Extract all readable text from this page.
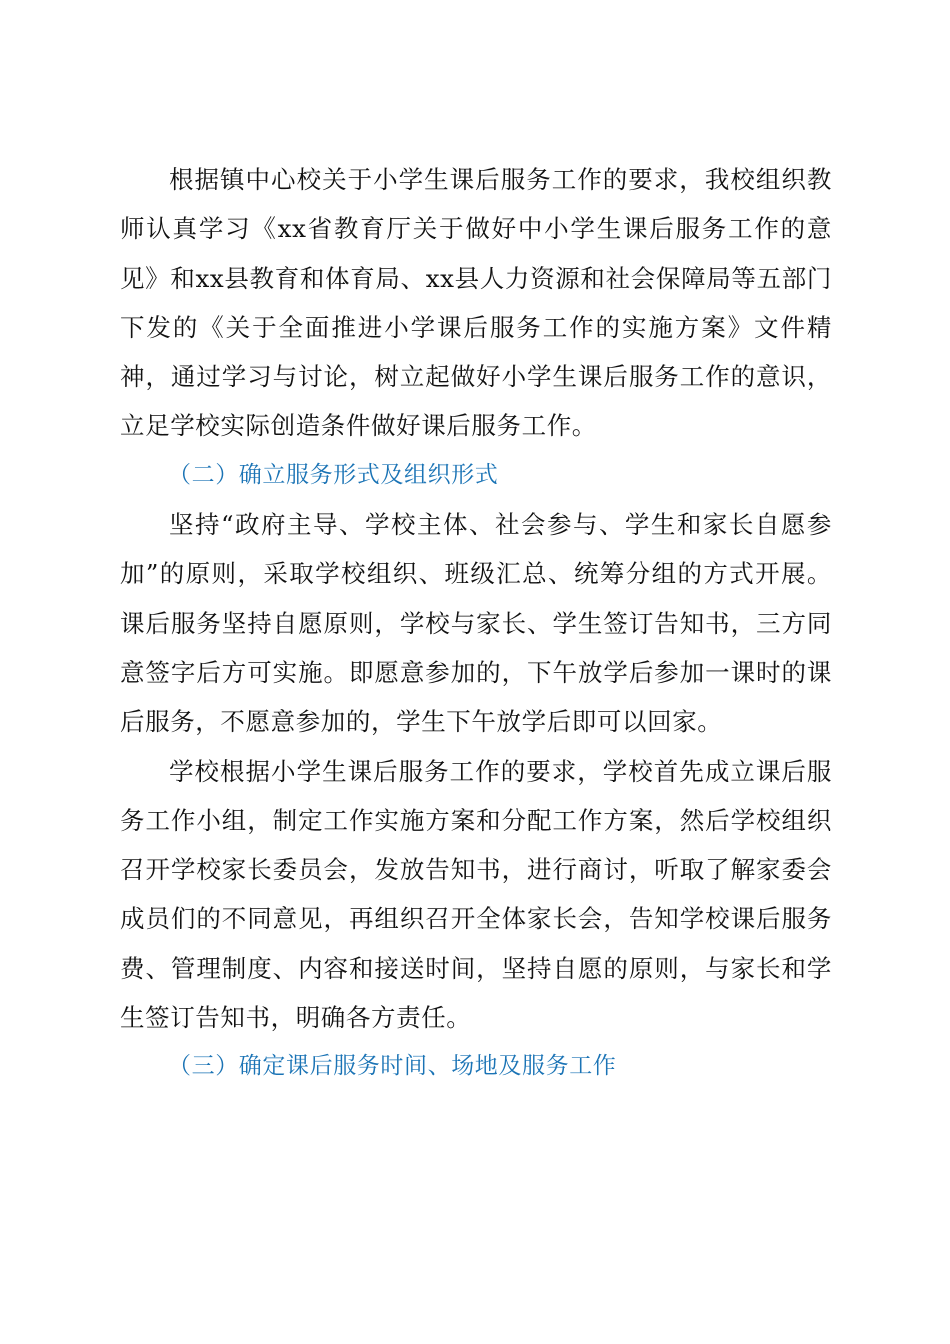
根据镇中心校关于小学生课后服务工作的要求，我校组织教师认真学习《xx省教育厅关于做好中小学生课后服务工作的意见》和xx县教育和体育局、xx县人力资源和社会保障局等五部门下发的《关于全面推进小学课后服务工作的实施方案》文件精神，通过学习与讨论，树立起做好小学生课后服务工作的意识，立足学校实际创造条件做好课后服务工作。

（二）确立服务形式及组织形式

坚持“政府主导、学校主体、社会参与、学生和家长自愿参加”的原则，采取学校组织、班级汇总、统筹分组的方式开展。课后服务坚持自愿原则，学校与家长、学生签订告知书，三方同意签字后方可实施。即愿意参加的，下午放学后参加一课时的课后服务，不愿意参加的，学生下午放学后即可以回家。

学校根据小学生课后服务工作的要求，学校首先成立课后服务工作小组，制定工作实施方案和分配工作方案，然后学校组织召开学校家长委员会，发放告知书，进行商讨，听取了解家委会成员们的不同意见，再组织召开全体家长会，告知学校课后服务费、管理制度、内容和接送时间，坚持自愿的原则，与家长和学生签订告知书，明确各方责任。

（三）确定课后服务时间、场地及服务工作
